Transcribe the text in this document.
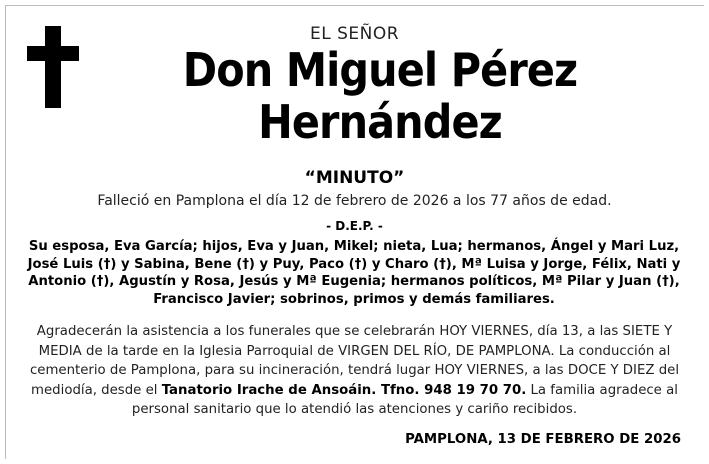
EL SEÑOR
Don Miguel Pérez
Hernández
“MINUTO”
Falleció en Pamplona el día 12 de febrero de 2026 a los 77 años de edad.
- D.E.P. -
Su esposa, Eva García; hijos, Eva y Juan, Mikel; nieta, Lua; hermanos, Ángel y Mari Luz, José Luis (†) y Sabina, Bene (†) y Puy, Paco (†) y Charo (†), Mª Luisa y Jorge, Félix, Nati y Antonio (†), Agustín y Rosa, Jesús y Mª Eugenia; hermanos políticos, Mª Pilar y Juan (†), Francisco Javier; sobrinos, primos y demás familiares.
Agradecerán la asistencia a los funerales que se celebrarán HOY VIERNES, día 13, a las SIETE Y MEDIA de la tarde en la Iglesia Parroquial de VIRGEN DEL RÍO, DE PAMPLONA. La conducción al cementerio de Pamplona, para su incineración, tendrá lugar HOY VIERNES, a las DOCE Y DIEZ del mediodía, desde el Tanatorio Irache de Ansoáin. Tfno. 948 19 70 70. La familia agradece al personal sanitario que lo atendió las atenciones y cariño recibidos.
PAMPLONA, 13 DE FEBRERO DE 2026
